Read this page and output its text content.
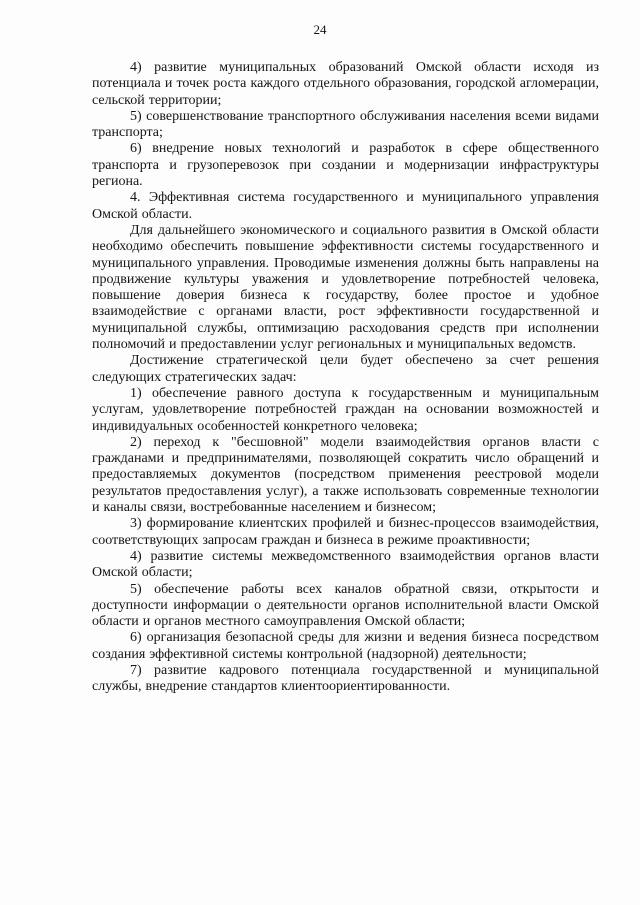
24

4) развитие муниципальных образований Омской области исходя из потенциала и точек роста каждого отдельного образования, городской агломерации, сельской территории;

5) совершенствование транспортного обслуживания населения всеми видами транспорта;

6) внедрение новых технологий и разработок в сфере общественного транспорта и грузоперевозок при создании и модернизации инфраструктуры региона.

4. Эффективная система государственного и муниципального управления Омской области.

Для дальнейшего экономического и социального развития в Омской области необходимо обеспечить повышение эффективности системы государственного и муниципального управления. Проводимые изменения должны быть направлены на продвижение культуры уважения и удовлетворение потребностей человека, повышение доверия бизнеса к государству, более простое и удобное взаимодействие с органами власти, рост эффективности государственной и муниципальной службы, оптимизацию расходования средств при исполнении полномочий и предоставлении услуг региональных и муниципальных ведомств.

Достижение стратегической цели будет обеспечено за счет решения следующих стратегических задач:

1) обеспечение равного доступа к государственным и муниципальным услугам, удовлетворение потребностей граждан на основании возможностей и индивидуальных особенностей конкретного человека;

2) переход к "бесшовной" модели взаимодействия органов власти с гражданами и предпринимателями, позволяющей сократить число обращений и предоставляемых документов (посредством применения реестровой модели результатов предоставления услуг), а также использовать современные технологии и каналы связи, востребованные населением и бизнесом;

3) формирование клиентских профилей и бизнес-процессов взаимодействия, соответствующих запросам граждан и бизнеса в режиме проактивности;

4) развитие системы межведомственного взаимодействия органов власти Омской области;

5) обеспечение работы всех каналов обратной связи, открытости и доступности информации о деятельности органов исполнительной власти Омской области и органов местного самоуправления Омской области;

6) организация безопасной среды для жизни и ведения бизнеса посредством создания эффективной системы контрольной (надзорной) деятельности;

7) развитие кадрового потенциала государственной и муниципальной службы, внедрение стандартов клиентоориентированности.
